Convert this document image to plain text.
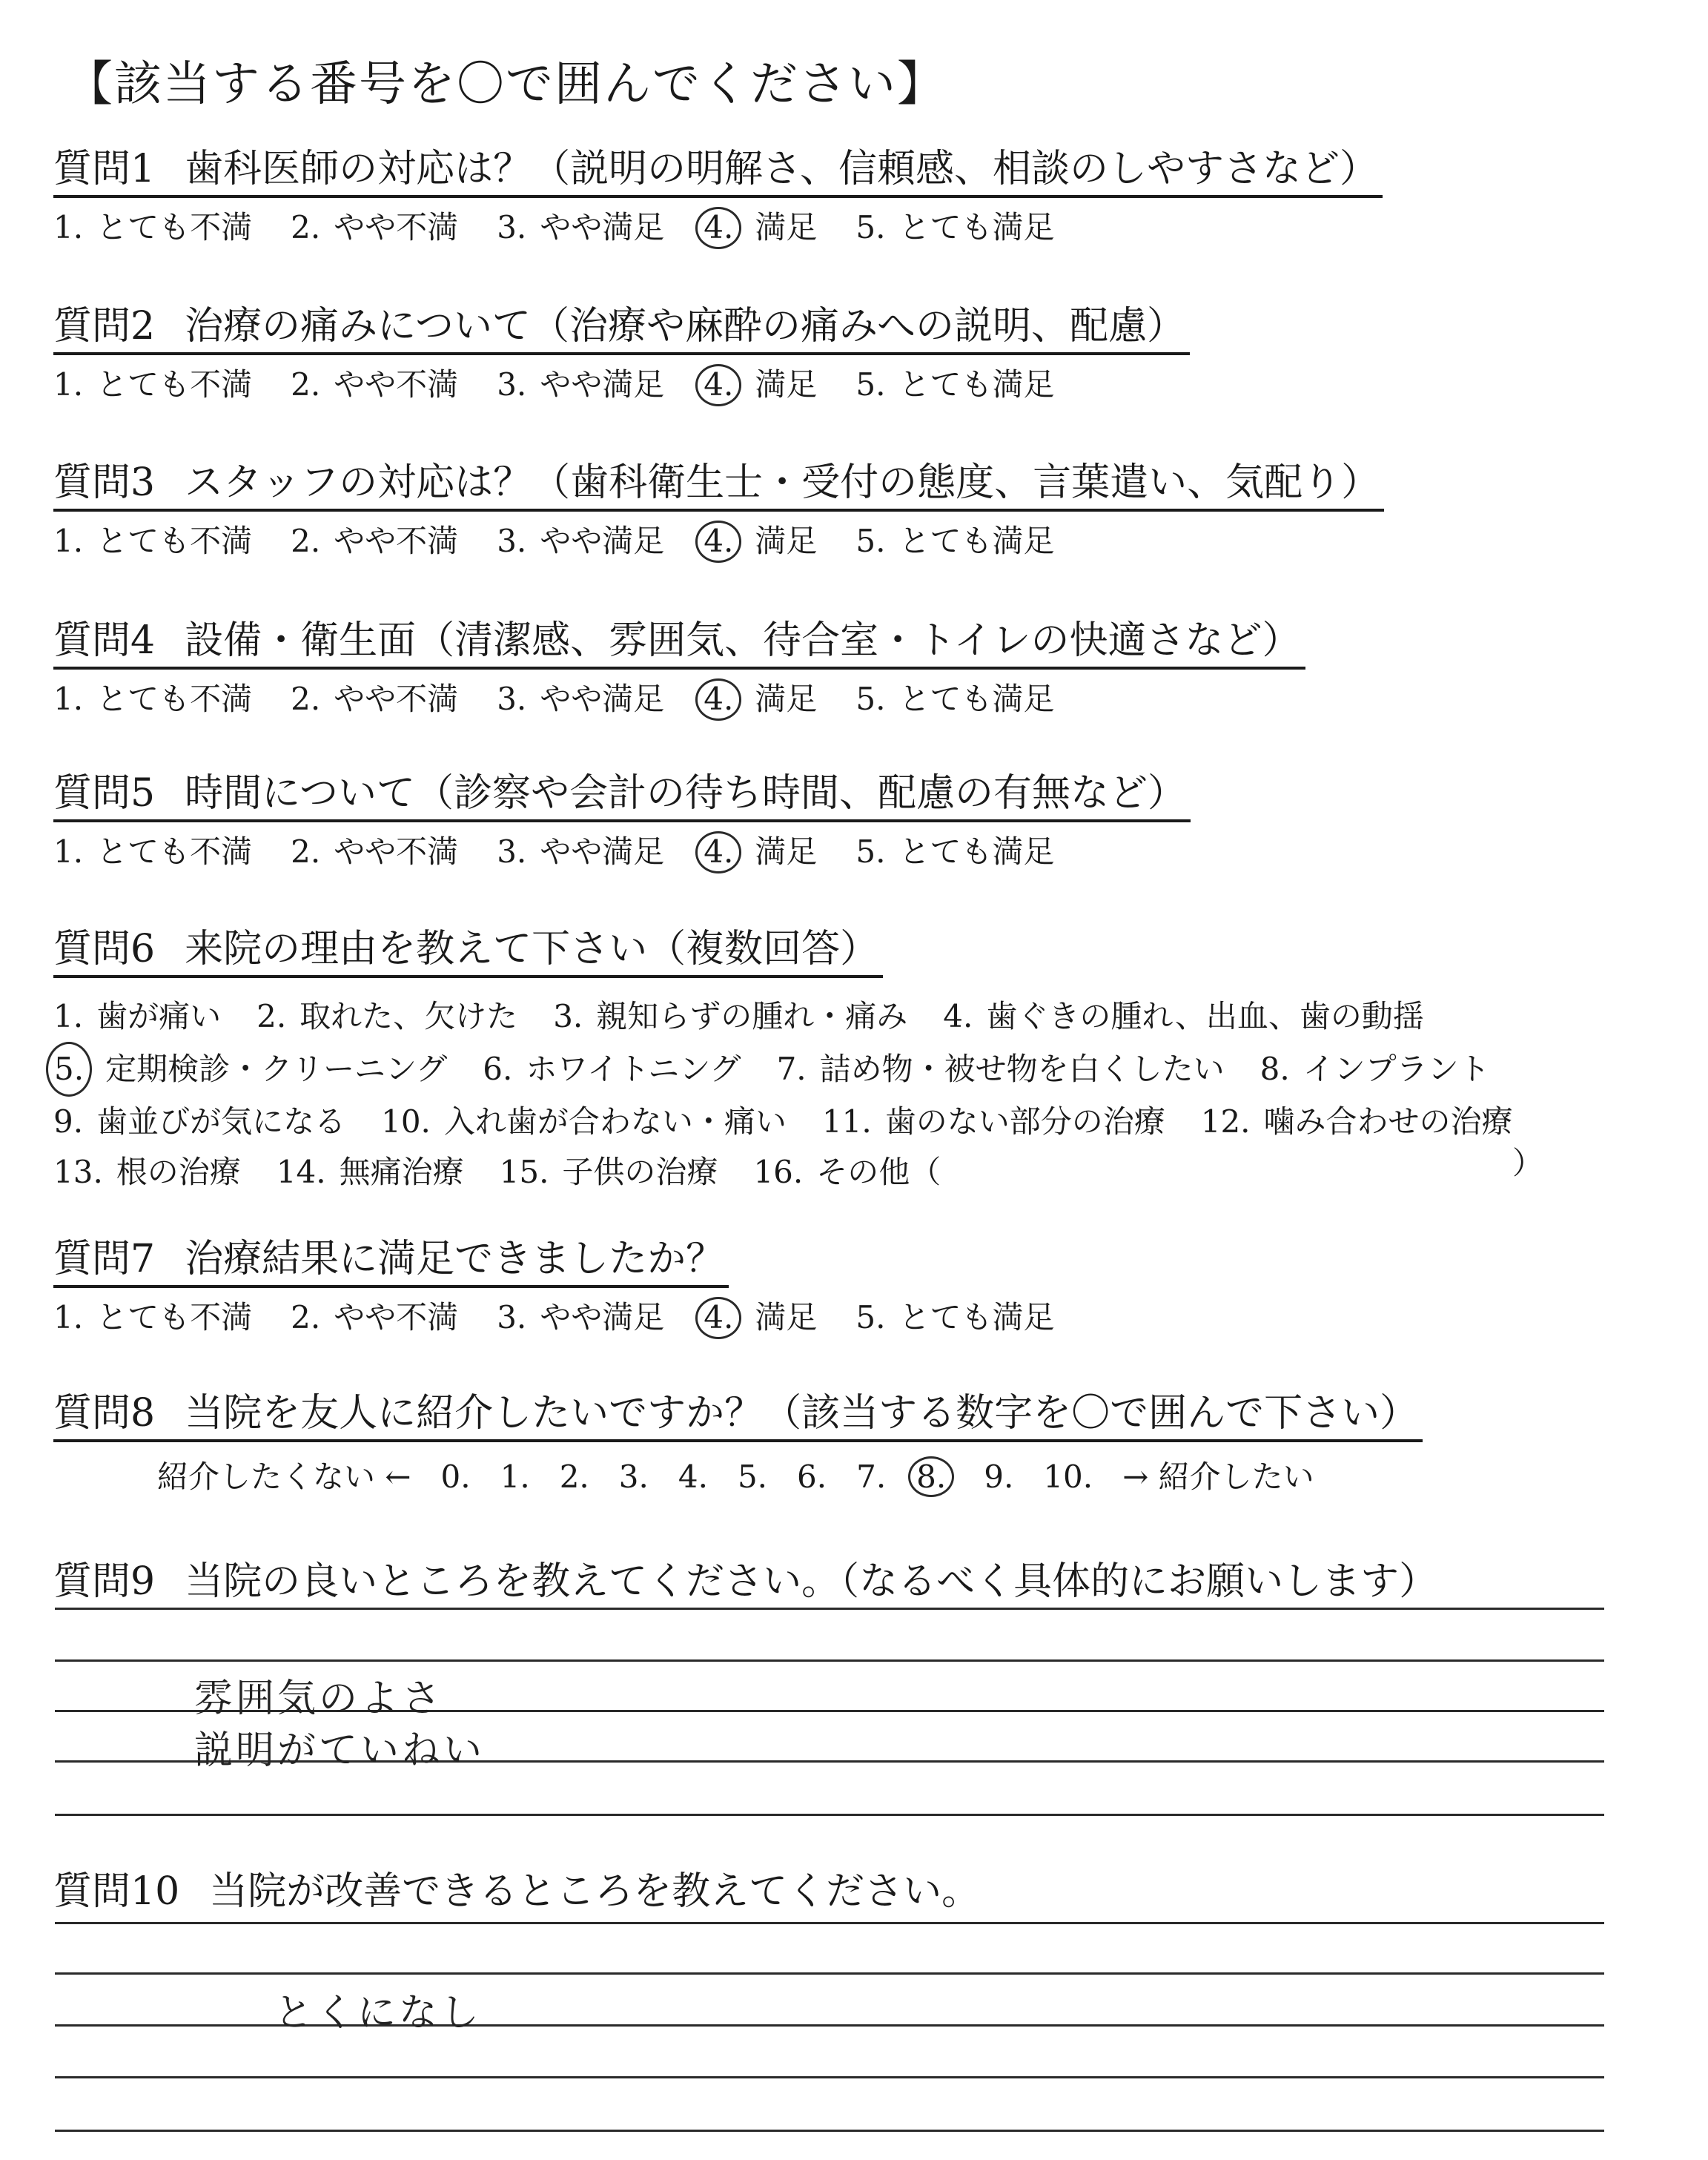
【該当する番号を〇で囲んでください】
質問1 歯科医師の対応は？（説明の明解さ、信頼感、相談のしやすさなど）
1. とても不満 2. やや不満 3. やや満足 4. 満足 5. とても満足
質問2 治療の痛みについて（治療や麻酔の痛みへの説明、配慮）
1. とても不満 2. やや不満 3. やや満足 4. 満足 5. とても満足
質問3 スタッフの対応は？（歯科衛生士・受付の態度、言葉遣い、気配り）
1. とても不満 2. やや不満 3. やや満足 4. 満足 5. とても満足
質問4 設備・衛生面（清潔感、雰囲気、待合室・トイレの快適さなど）
1. とても不満 2. やや不満 3. やや満足 4. 満足 5. とても満足
質問5 時間について（診察や会計の待ち時間、配慮の有無など）
1. とても不満 2. やや不満 3. やや満足 4. 満足 5. とても満足
質問6 来院の理由を教えて下さい（複数回答）
1. 歯が痛い 2. 取れた、欠けた 3. 親知らずの腫れ・痛み 4. 歯ぐきの腫れ、出血、歯の動揺
5. 定期検診・クリーニング 6. ホワイトニング 7. 詰め物・被せ物を白くしたい 8. インプラント
9. 歯並びが気になる 10. 入れ歯が合わない・痛い 11. 歯のない部分の治療 12. 噛み合わせの治療
13. 根の治療 14. 無痛治療 15. 子供の治療 16. その他（	）
質問7 治療結果に満足できましたか？
1. とても不満 2. やや不満 3. やや満足 4. 満足 5. とても満足
質問8 当院を友人に紹介したいですか？（該当する数字を〇で囲んで下さい）
紹介したくない ← 0. 1. 2. 3. 4. 5. 6. 7. 8. 9. 10. → 紹介したい
質問9 当院の良いところを教えてください。（なるべく具体的にお願いします）
雰囲気のよさ
説明がていねい
質問10 当院が改善できるところを教えてください。
とくになし
